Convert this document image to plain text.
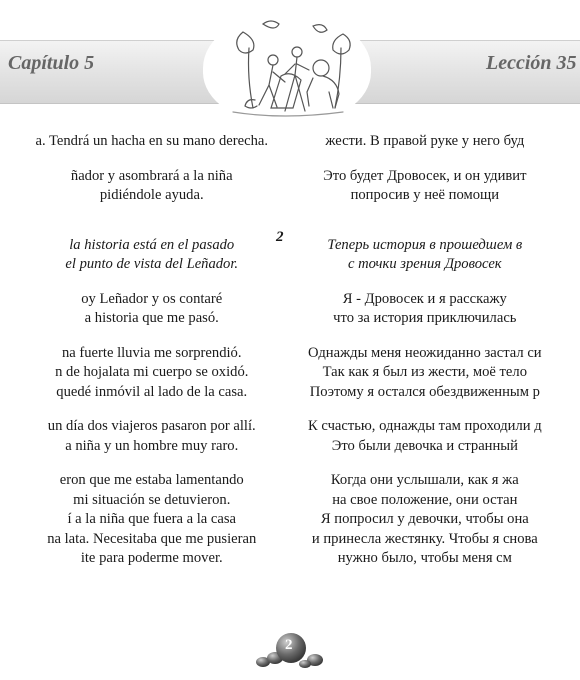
Capítulo 5	Lección 35
a. Tendrá un hacha en su mano derecha.
ñador y asombrará a la niña
pidiéndole ayuda.
la historia está en el pasado
el punto de vista del Leñador.
oy Leñador y os contaré
a historia que me pasó.
na fuerte lluvia me sorprendió.
n de hojalata mi cuerpo se oxidó.
quedé inmóvil al lado de la casa.
un día dos viajeros pasaron por allí.
a niña y un hombre muy raro.
eron que me estaba lamentando
mi situación se detuvieron.
í a la niña que fuera a la casa
na lata. Necesitaba que me pusieran
ite para poderme mover.
2
жести. В правой руке у него буд
Это будет Дровосек, и он удивит
попросив у неё помощи
Теперь история в прошедшем в
с точки зрения Дровосек
Я - Дровосек и я расскажу
что за история приключилась
Однажды меня неожиданно застал си
Так как я был из жести, моё тело
Поэтому я остался обездвиженным р
К счастью, однажды там проходили д
Это были девочка и странный
Когда они услышали, как я жа
на свое положение, они остан
Я попросил у девочки, чтобы она
и принесла жестянку. Чтобы я снова
нужно было, чтобы меня см
2
